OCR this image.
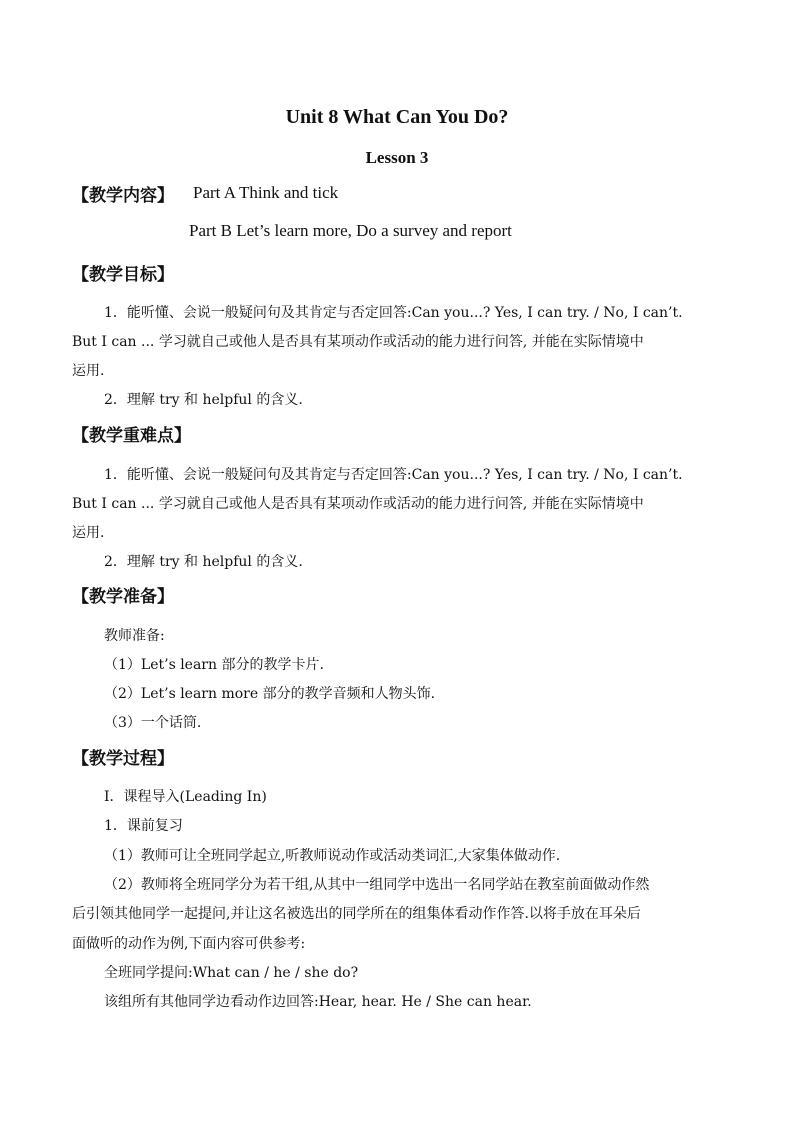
Unit 8 What Can You Do?
Lesson 3
【教学内容】 Part A Think and tick
Part B Let’s learn more, Do a survey and report
【教学目标】
1．能听懂、会说一般疑问句及其肯定与否定回答:Can you...? Yes, I can try. / No, I can’t.
But I can ... 学习就自己或他人是否具有某项动作或活动的能力进行问答, 并能在实际情境中
运用.
2．理解 try 和 helpful 的含义.
【教学重难点】
1．能听懂、会说一般疑问句及其肯定与否定回答:Can you...? Yes, I can try. / No, I can’t.
But I can ... 学习就自己或他人是否具有某项动作或活动的能力进行问答, 并能在实际情境中
运用.
2．理解 try 和 helpful 的含义.
【教学准备】
教师准备:
（1）Let’s learn 部分的教学卡片.
（2）Let’s learn more 部分的教学音频和人物头饰.
（3）一个话筒.
【教学过程】
Ⅰ．课程导入(Leading In)
1．课前复习
（1）教师可让全班同学起立,听教师说动作或活动类词汇,大家集体做动作.
（2）教师将全班同学分为若干组,从其中一组同学中选出一名同学站在教室前面做动作然
后引领其他同学一起提问,并让这名被选出的同学所在的组集体看动作作答.以将手放在耳朵后
面做听的动作为例,下面内容可供参考:
全班同学提问:What can / he / she do?
该组所有其他同学边看动作边回答:Hear, hear. He / She can hear.
